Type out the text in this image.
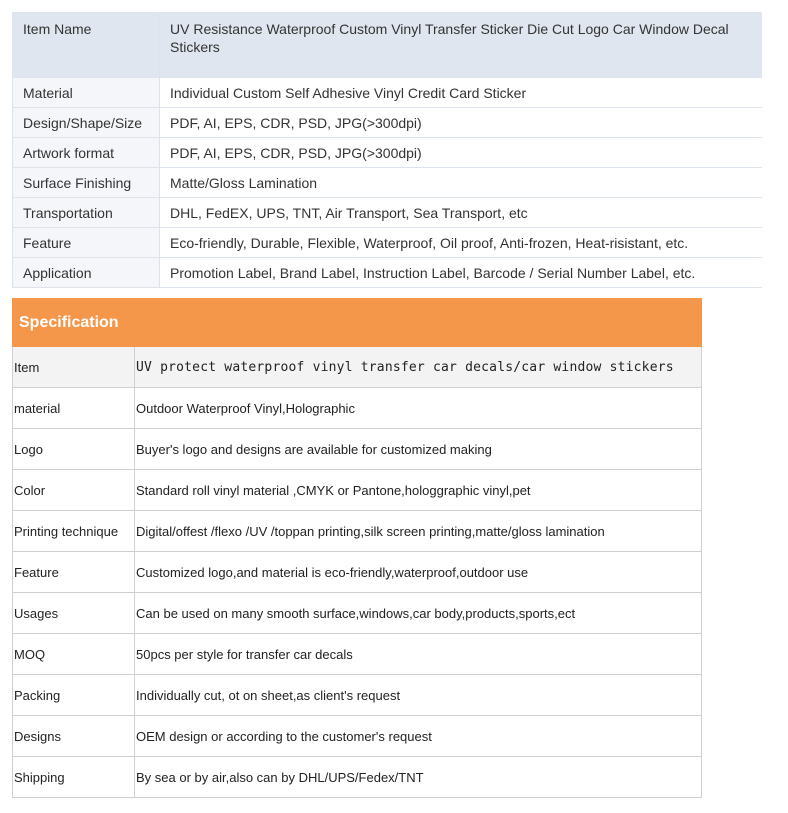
Item Name	UV Resistance Waterproof Custom Vinyl Transfer Sticker Die Cut Logo Car Window Decal Stickers
Material	Individual Custom Self Adhesive Vinyl Credit Card Sticker
Design/Shape/Size	PDF, AI, EPS, CDR, PSD, JPG(>300dpi)
Artwork format	PDF, AI, EPS, CDR, PSD, JPG(>300dpi)
Surface Finishing	Matte/Gloss Lamination
Transportation	DHL, FedEX, UPS, TNT, Air Transport, Sea Transport, etc
Feature	Eco-friendly, Durable, Flexible, Waterproof, Oil proof, Anti-frozen, Heat-risistant, etc.
Application	Promotion Label, Brand Label, Instruction Label, Barcode / Serial Number Label, etc.
Specification	
Item	UV protect waterproof vinyl transfer car decals/car window stickers
material	Outdoor Waterproof Vinyl,Holographic
Logo	Buyer's logo and designs are available for customized making
Color	Standard roll vinyl material ,CMYK or Pantone,hologgraphic vinyl,pet
Printing technique	Digital/offest /flexo /UV /toppan printing,silk screen printing,matte/gloss lamination
Feature	Customized logo,and material is eco-friendly,waterproof,outdoor use
Usages	Can be used on many smooth surface,windows,car body,products,sports,ect
MOQ	50pcs per style for transfer car decals
Packing	Individually cut, ot on sheet,as client's request
Designs	OEM design or according to the customer's request
Shipping	By sea or by air,also can by DHL/UPS/Fedex/TNT
